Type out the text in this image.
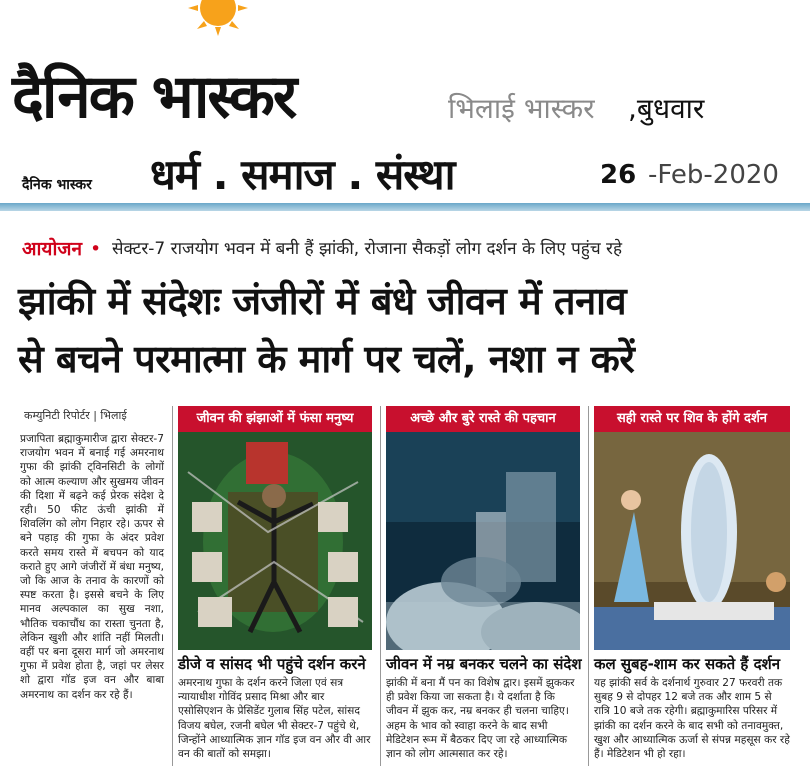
दैनिक भास्कर	भिलाई भास्कर ,बुधवार
दैनिक भास्कर धर्म . समाज . संस्था	26 -Feb-2020
आयोजन • सेक्टर-7 राजयोग भवन में बनी हैं झांकी, रोजाना सैकड़ों लोग दर्शन के लिए पहुंच रहे
झांकी में संदेशः जंजीरों में बंधे जीवन में तनाव
से बचने परमात्मा के मार्ग पर चलें, नशा न करें
कम्युनिटी रिपोर्टर | भिलाई
प्रजापिता ब्रह्माकुमारीज द्वारा सेक्टर-7 राजयोग भवन में बनाई गई अमरनाथ गुफा की झांकी ट्विनसिटी के लोगों को आत्म कल्याण और सुखमय जीवन की दिशा में बढ़ने कई प्रेरक संदेश दे रही। 50 फीट ऊंची झांकी में शिवलिंग को लोग निहार रहे। ऊपर से बने पहाड़ की गुफा के अंदर प्रवेश करते समय रास्ते में बचपन को याद कराते हुए आगे जंजीरों में बंधा मनुष्य, जो कि आज के तनाव के कारणों को स्पष्ट करता है। इससे बचने के लिए मानव अल्पकाल का सुख नशा, भौतिक चकाचौंध का रास्ता चुनता है, लेकिन खुशी और शांति नहीं मिलती। वहीं पर बना दूसरा मार्ग जो अमरनाथ गुफा में प्रवेश होता है, जहां पर लेसर शो द्वारा गॉड इज वन और बाबा अमरनाथ का दर्शन कर रहे हैं।
जीवन की झंझाओं में फंसा मनुष्य
डीजे व सांसद भी पहुंचे दर्शन करने
अमरनाथ गुफा के दर्शन करने जिला एवं सत्र न्यायाधीश गोविंद प्रसाद मिश्रा और बार एसोसिएशन के प्रेसिडेंट गुलाब सिंह पटेल, सांसद विजय बघेल, रजनी बघेल भी सेक्टर-7 पहुंचे थे, जिन्होंने आध्यात्मिक ज्ञान गॉड इज वन और वी आर वन की बातों को समझा।
अच्छे और बुरे रास्ते की पहचान
जीवन में नम्र बनकर चलने का संदेश
झांकी में बना मैं पन का विशेष द्वार। इसमें झुककर ही प्रवेश किया जा सकता है। ये दर्शाता है कि जीवन में झुक कर, नम्र बनकर ही चलना चाहिए। अहम के भाव को स्वाहा करने के बाद सभी मेडिटेशन रूम में बैठकर दिए जा रहे आध्यात्मिक ज्ञान को लोग आत्मसात कर रहे।
सही रास्ते पर शिव के होंगे दर्शन
कल सुबह-शाम कर सकते हैं दर्शन
यह झांकी सर्व के दर्शनार्थ गुरुवार 27 फरवरी तक सुबह 9 से दोपहर 12 बजे तक और शाम 5 से रात्रि 10 बजे तक रहेगी। ब्रह्माकुमारिस परिसर में झांकी का दर्शन करने के बाद सभी को तनावमुक्त, खुश और आध्यात्मिक ऊर्जा से संपन्न महसूस कर रहे हैं। मेडिटेशन भी हो रहा।
